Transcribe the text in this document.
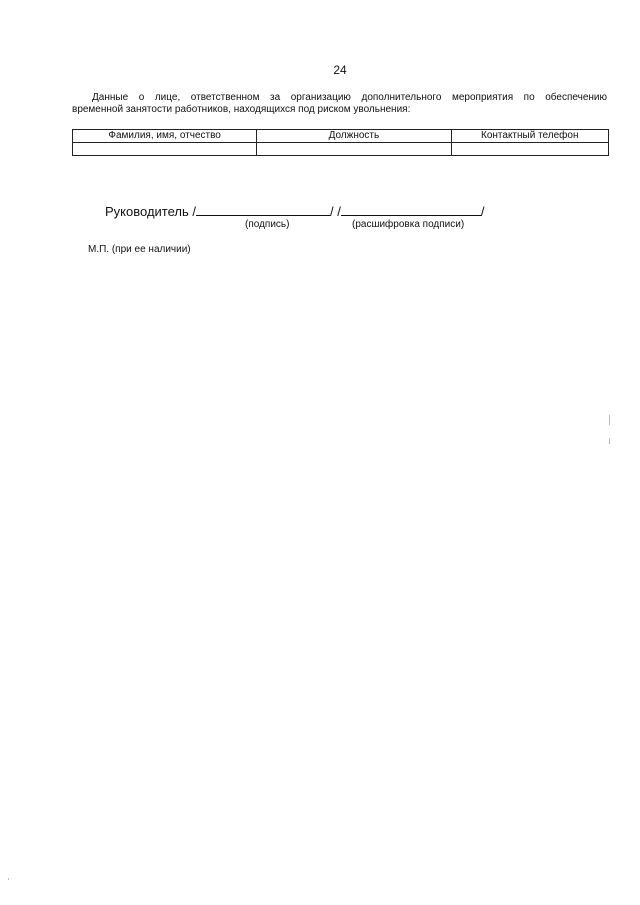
24
Данные о лице, ответственном за организацию дополнительного мероприятия по обеспечению
временной занятости работников, находящихся под риском увольнения:
Фамилия, имя, отчество	Должность	Контактный телефон

Руководитель /	/ /	/
(подпись)	(расшифровка подписи)
М.П. (при ее наличии)
